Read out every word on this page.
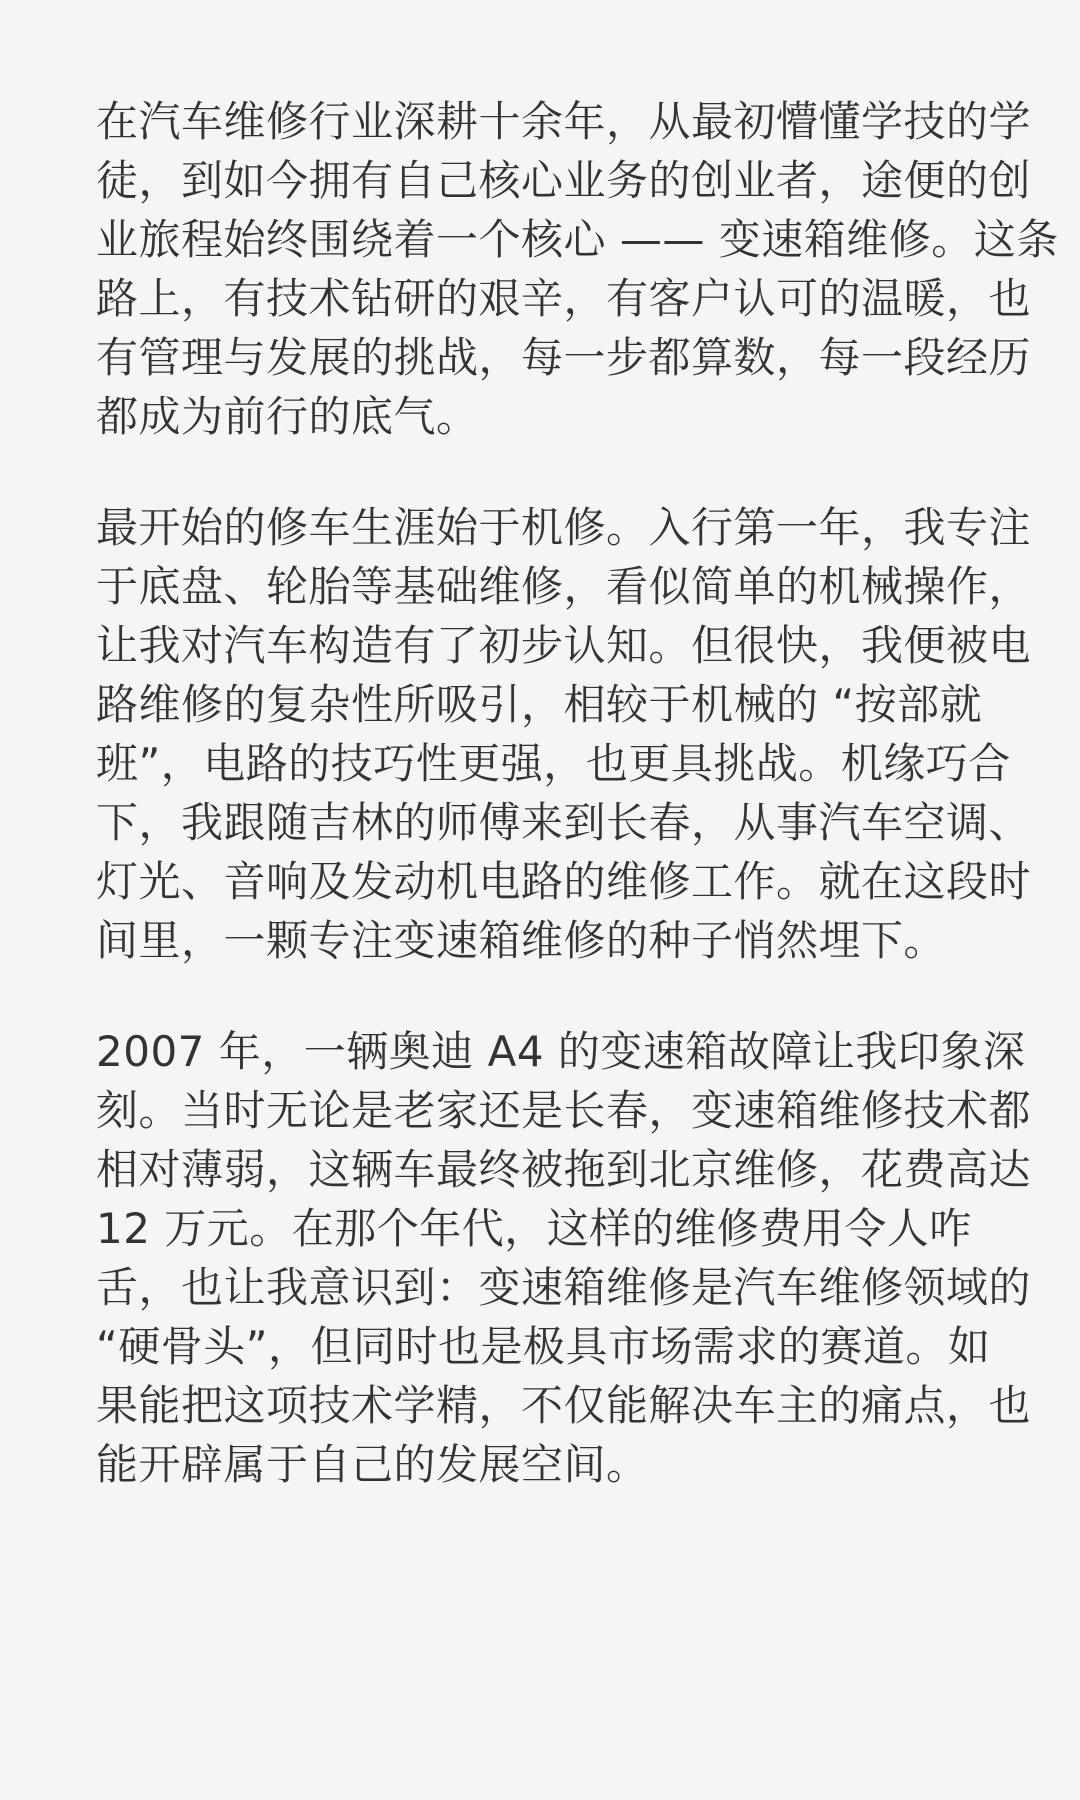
在汽车维修行业深耕十余年，从最初懵懂学技的学
徒，到如今拥有自己核心业务的创业者，途便的创
业旅程始终围绕着一个核心 —— 变速箱维修。这条
路上，有技术钻研的艰辛，有客户认可的温暖，也
有管理与发展的挑战，每一步都算数，每一段经历
都成为前行的底气。

最开始的修车生涯始于机修。入行第一年，我专注
于底盘、轮胎等基础维修，看似简单的机械操作，
让我对汽车构造有了初步认知。但很快，我便被电
路维修的复杂性所吸引，相较于机械的 “按部就
班”，电路的技巧性更强，也更具挑战。机缘巧合
下，我跟随吉林的师傅来到长春，从事汽车空调、
灯光、音响及发动机电路的维修工作。就在这段时
间里，一颗专注变速箱维修的种子悄然埋下。

2007 年，一辆奥迪 A4 的变速箱故障让我印象深
刻。当时无论是老家还是长春，变速箱维修技术都
相对薄弱，这辆车最终被拖到北京维修，花费高达
12 万元。在那个年代，这样的维修费用令人咋
舌，也让我意识到：变速箱维修是汽车维修领域的
“硬骨头”，但同时也是极具市场需求的赛道。如
果能把这项技术学精，不仅能解决车主的痛点，也
能开辟属于自己的发展空间。
